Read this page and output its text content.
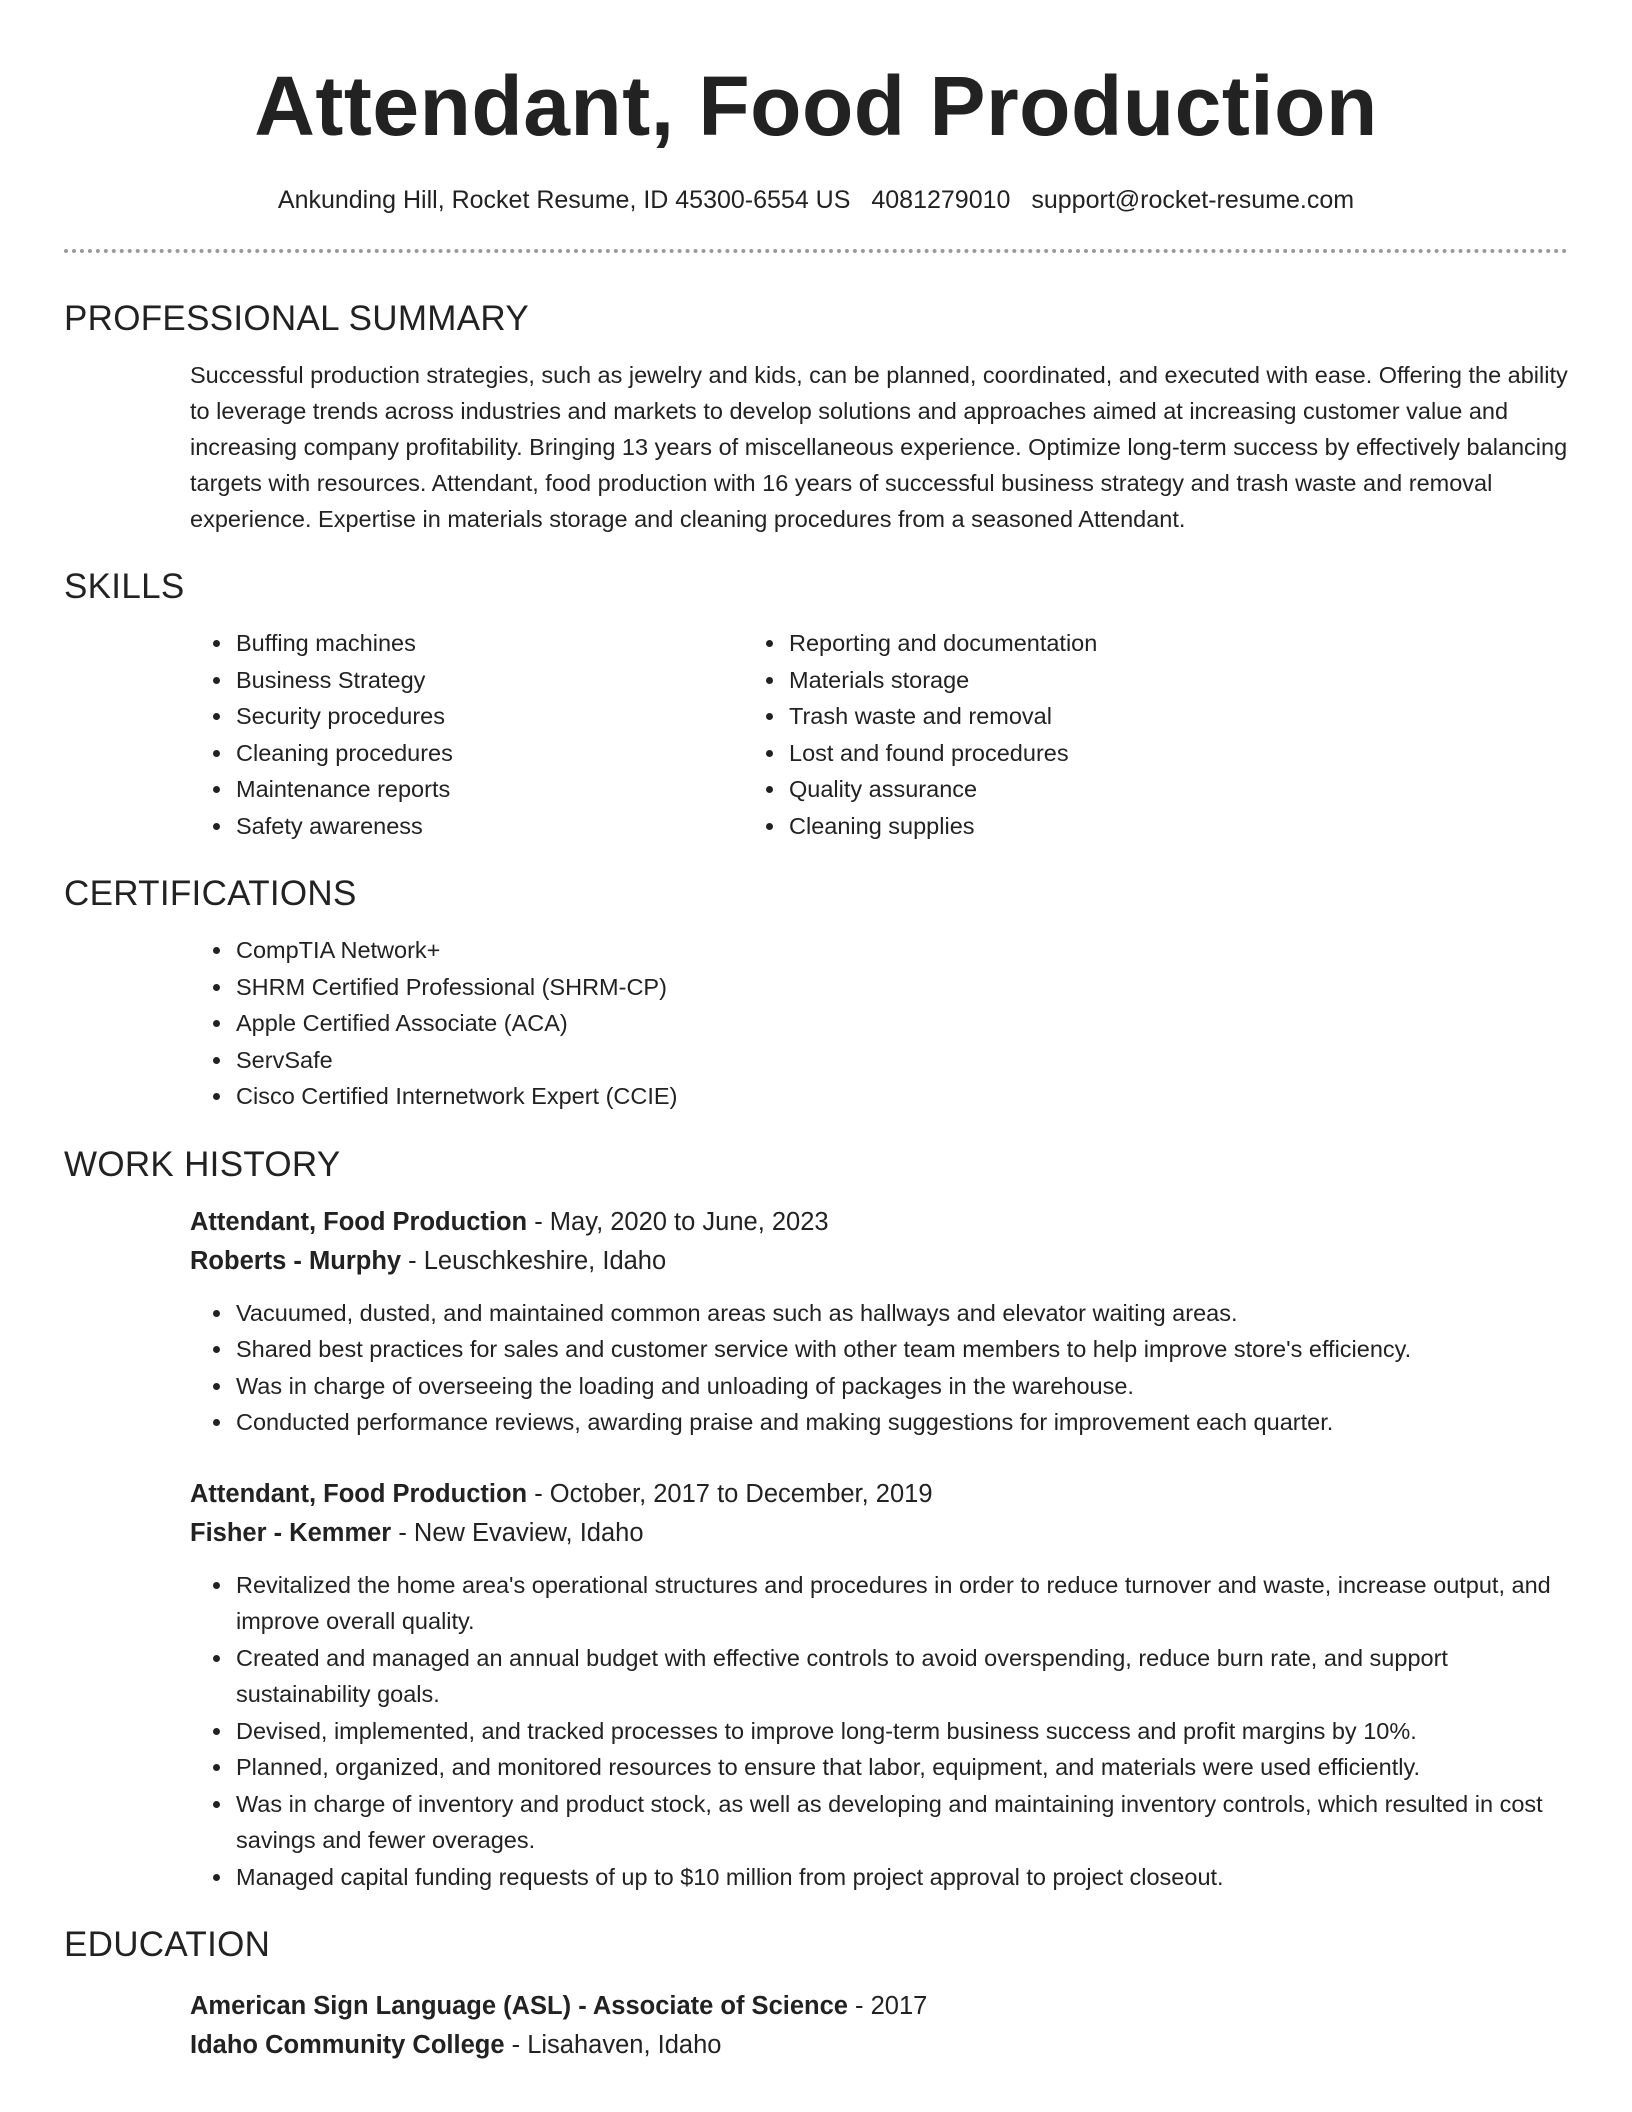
Attendant, Food Production
Ankunding Hill, Rocket Resume, ID 45300-6554 US 4081279010 support@rocket-resume.com
PROFESSIONAL SUMMARY

Successful production strategies, such as jewelry and kids, can be planned, coordinated, and executed with ease. Offering the ability to leverage trends across industries and markets to develop solutions and approaches aimed at increasing customer value and increasing company profitability. Bringing 13 years of miscellaneous experience. Optimize long-term success by effectively balancing targets with resources. Attendant, food production with 16 years of successful business strategy and trash waste and removal experience. Expertise in materials storage and cleaning procedures from a seasoned Attendant.

SKILLS
• Buffing machines
• Business Strategy
• Security procedures
• Cleaning procedures
• Maintenance reports
• Safety awareness
• Reporting and documentation
• Materials storage
• Trash waste and removal
• Lost and found procedures
• Quality assurance
• Cleaning supplies
CERTIFICATIONS
• CompTIA Network+
• SHRM Certified Professional (SHRM-CP)
• Apple Certified Associate (ACA)
• ServSafe
• Cisco Certified Internetwork Expert (CCIE)
WORK HISTORY
Attendant, Food Production - May, 2020 to June, 2023
Roberts - Murphy - Leuschkeshire, Idaho
• Vacuumed, dusted, and maintained common areas such as hallways and elevator waiting areas.
• Shared best practices for sales and customer service with other team members to help improve store's efficiency.
• Was in charge of overseeing the loading and unloading of packages in the warehouse.
• Conducted performance reviews, awarding praise and making suggestions for improvement each quarter.
Attendant, Food Production - October, 2017 to December, 2019
Fisher - Kemmer - New Evaview, Idaho
• Revitalized the home area's operational structures and procedures in order to reduce turnover and waste, increase output, and improve overall quality.
• Created and managed an annual budget with effective controls to avoid overspending, reduce burn rate, and support sustainability goals.
• Devised, implemented, and tracked processes to improve long-term business success and profit margins by 10%.
• Planned, organized, and monitored resources to ensure that labor, equipment, and materials were used efficiently.
• Was in charge of inventory and product stock, as well as developing and maintaining inventory controls, which resulted in cost savings and fewer overages.
• Managed capital funding requests of up to $10 million from project approval to project closeout.
EDUCATION
American Sign Language (ASL) - Associate of Science - 2017
Idaho Community College - Lisahaven, Idaho
